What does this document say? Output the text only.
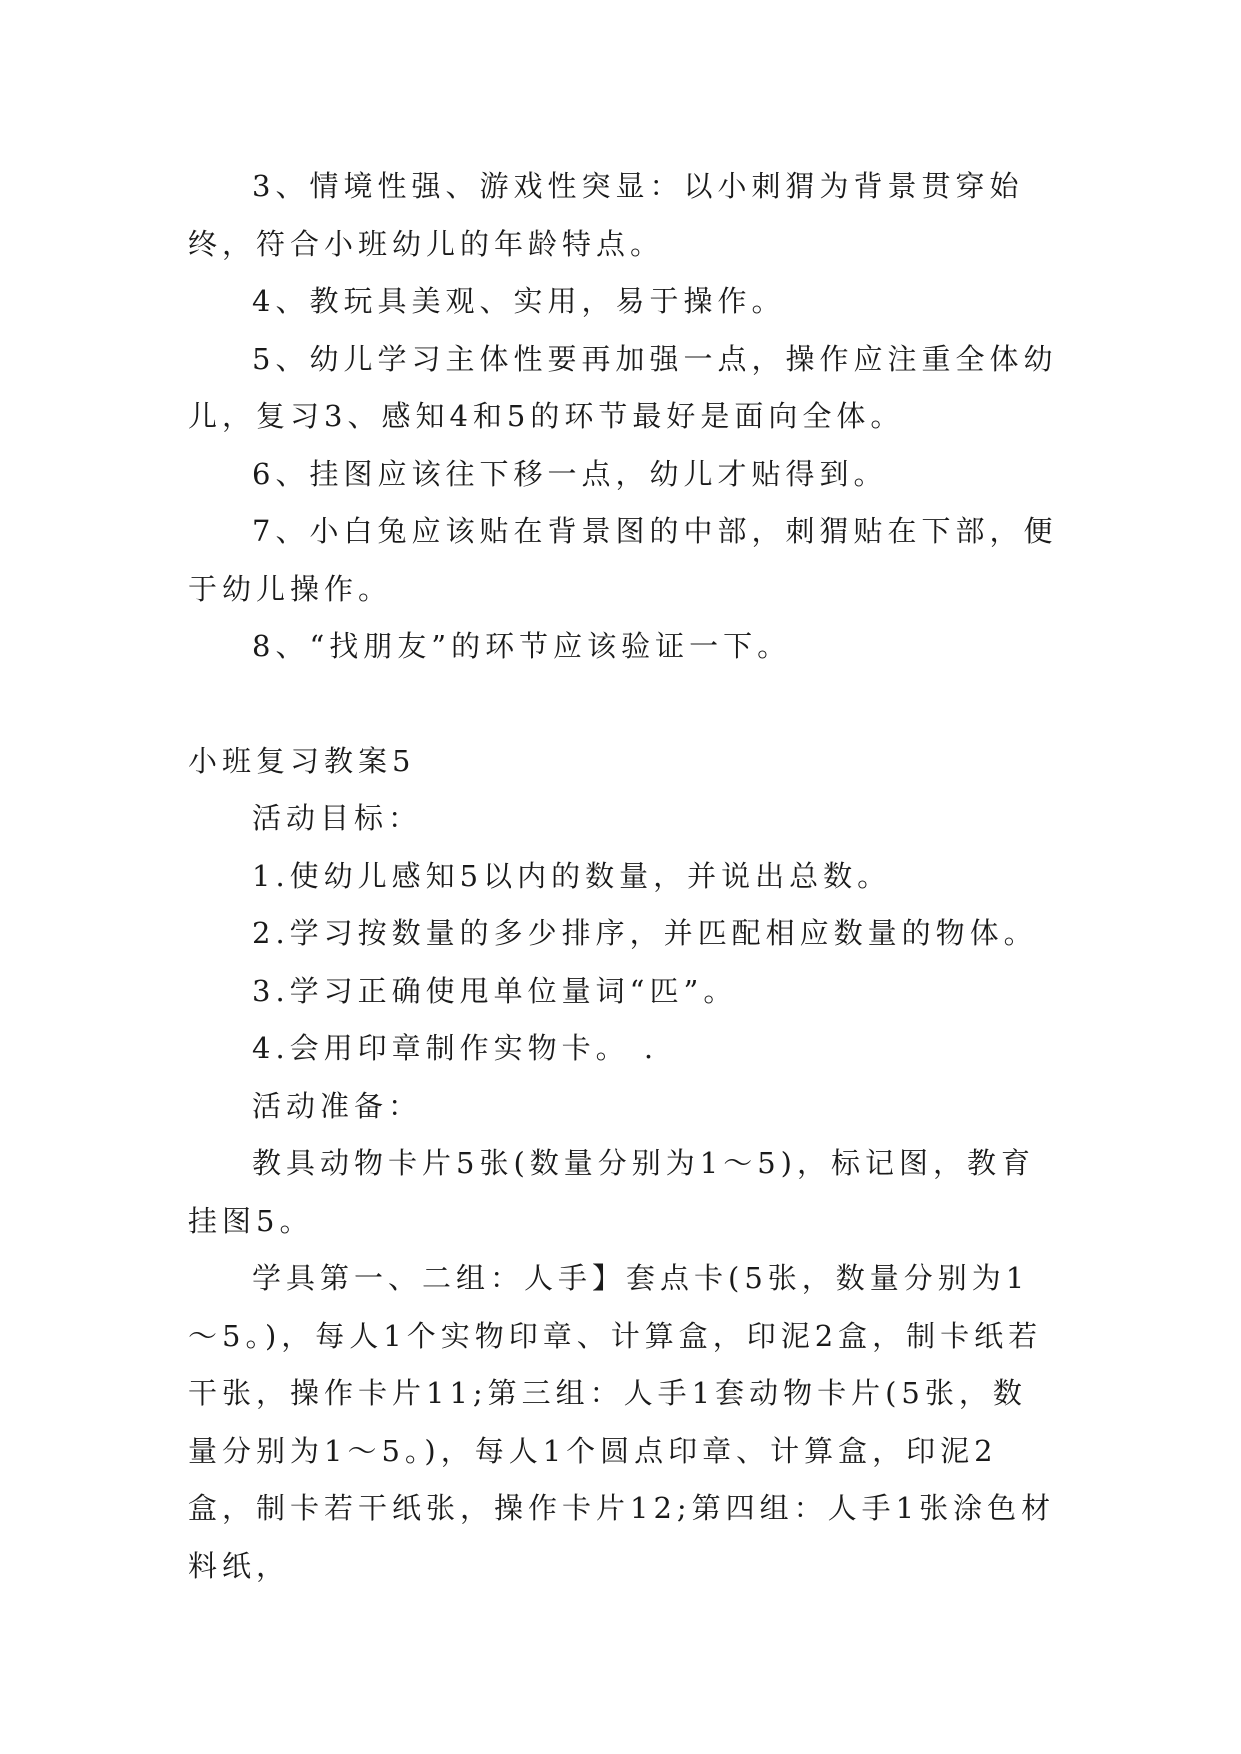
3、情境性强、游戏性突显：以小刺猬为背景贯穿始终，符合小班幼儿的年龄特点。

4、教玩具美观、实用，易于操作。

5、幼儿学习主体性要再加强一点，操作应注重全体幼儿，复习3、感知4和5的环节最好是面向全体。

6、挂图应该往下移一点，幼儿才贴得到。

7、小白兔应该贴在背景图的中部，刺猬贴在下部，便于幼儿操作。

8、“找朋友”的环节应该验证一下。

小班复习教案5

活动目标：

1.使幼儿感知5以内的数量，并说出总数。

2.学习按数量的多少排序，并匹配相应数量的物体。

3.学习正确使甩单位量词“匹”。

4.会用印章制作实物卡。 .

活动准备：

教具动物卡片5张(数量分别为1～5)，标记图，教育挂图5。

学具第一、二组：人手】套点卡(5张，数量分别为1～5。)，每人1个实物印章、计算盒，印泥2盒，制卡纸若干张，操作卡片11;第三组：人手1套动物卡片(5张，数量分别为1～5。)，每人1个圆点印章、计算盒，印泥2盒，制卡若干纸张，操作卡片12;第四组：人手1张涂色材料纸，
